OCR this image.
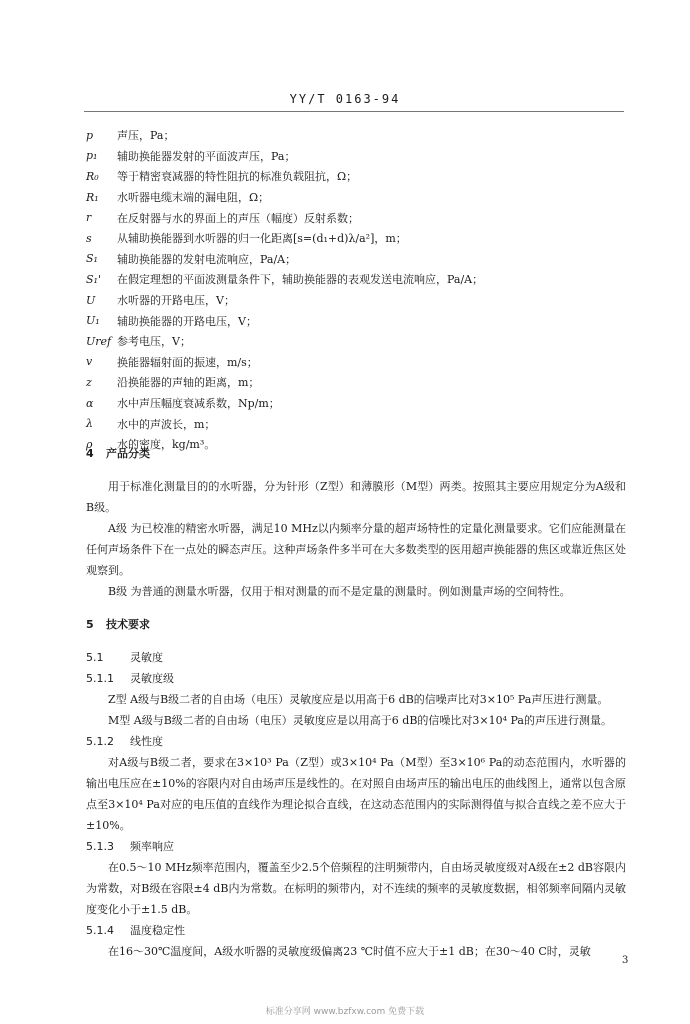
YY/T 0163-94
p	声压，Pa；
p₁	辅助换能器发射的平面波声压，Pa；
R₀	等于精密衰减器的特性阻抗的标准负载阻抗，Ω；
R₁	水听器电缆末端的漏电阻，Ω；
r	在反射器与水的界面上的声压（幅度）反射系数；
s	从辅助换能器到水听器的归一化距离[s=(d₁+d)λ/a²]，m；
S₁	辅助换能器的发射电流响应，Pa/A；
S₁'	在假定理想的平面波测量条件下，辅助换能器的表观发送电流响应，Pa/A；
U	水听器的开路电压，V；
U₁	辅助换能器的开路电压，V；
Uref 参考电压，V；
v	换能器辐射面的振速，m/s；
z	沿换能器的声轴的距离，m；
α	水中声压幅度衰减系数，Np/m；
λ	水中的声波长，m；
ρ	水的密度，kg/m³。

4 产品分类

用于标准化测量目的的水听器，分为针形（Z型）和薄膜形（M型）两类。按照其主要应用规定分为A级和B级。

A级 为已校准的精密水听器，满足10 MHz以内频率分量的超声场特性的定量化测量要求。它们应能测量在任何声场条件下在一点处的瞬态声压。这种声场条件多半可在大多数类型的医用超声换能器的焦区或靠近焦区处观察到。

B级 为普通的测量水听器，仅用于相对测量的而不是定量的测量时。例如测量声场的空间特性。

5 技术要求

5.1 灵敏度

5.1.1 灵敏度级

Z型 A级与B级二者的自由场（电压）灵敏度应是以用高于6 dB的信噪声比对3×10⁵ Pa声压进行测量。

M型 A级与B级二者的自由场（电压）灵敏度应是以用高于6 dB的信噪比对3×10⁴ Pa的声压进行测量。

5.1.2 线性度

对A级与B级二者，要求在3×10³ Pa（Z型）或3×10⁴ Pa（M型）至3×10⁶ Pa的动态范围内，水听器的输出电压应在±10%的容限内对自由场声压是线性的。在对照自由场声压的输出电压的曲线图上，通常以包含原点至3×10⁴ Pa对应的电压值的直线作为理论拟合直线，在这动态范围内的实际测得值与拟合直线之差不应大于±10%。

5.1.3 频率响应

在0.5～10 MHz频率范围内，覆盖至少2.5个倍频程的注明频带内，自由场灵敏度级对A级在±2 dB容限内为常数，对B级在容限±4 dB内为常数。在标明的频带内，对不连续的频率的灵敏度数据，相邻频率间隔内灵敏度变化小于±1.5 dB。

5.1.4 温度稳定性

在16～30℃温度间，A级水听器的灵敏度级偏离23 ℃时值不应大于±1 dB；在30～40 C时，灵敏

3
标准分享网 www.bzfxw.com 免费下载
